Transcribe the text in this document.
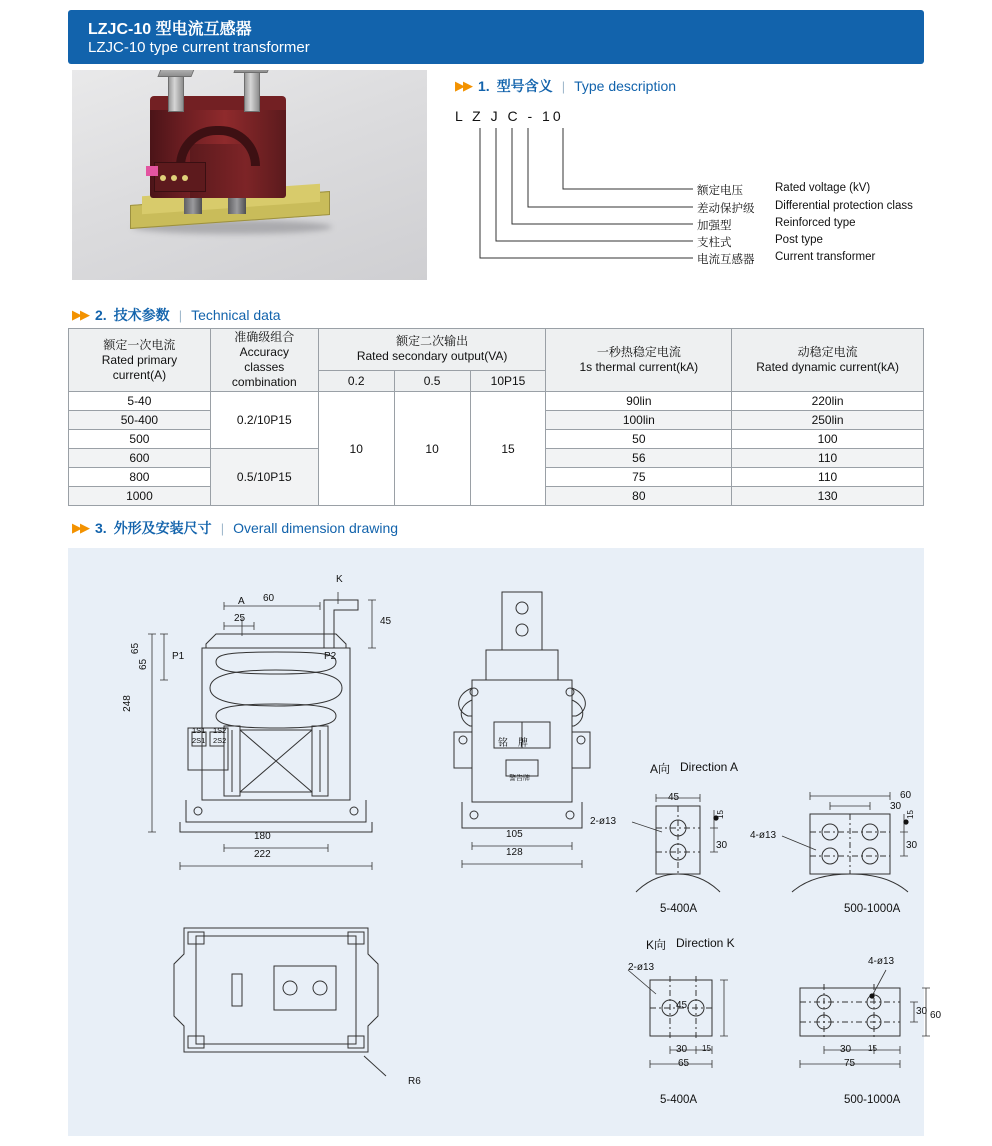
LZJC-10 型电流互感器
LZJC-10 type current transformer
▶▶ 1. 型号含义 | Type description
L Z J C - 10
额定电压	Rated voltage (kV)
差动保护级 Differential protection class
加强型	Reinforced type
支柱式	Post type
电流互感器 Current transformer
▶▶ 2. 技术参数 | Technical data
额定一次电流
Rated primary
current(A)	准确级组合
Accuracy
classes
combination	额定二次输出
Rated secondary output(VA)			一秒热稳定电流
1s thermal current(kA)	动稳定电流
Rated dynamic current(kA)

		0.2	0.5	10P15		
5-40	0.2/10P15	10	10	15	90lin	220lin
50-400					100lin	250lin
500					50	100
600	0.5/10P15				56	110
800					75	110
1000					80	130
▶▶ 3. 外形及安装尺寸 | Overall dimension drawing
65
65
248
60
25
A
K
45
180
222
P1	P2
1S1 1S2
2S1 2S2
105
128
铭　牌
警告牌
R6
A向 Direction A
45
30
15
2-ø13
5-400A
60
30
30
15
4-ø13
500-1000A
K向 Direction K
2-ø13
45
30 15
65
5-400A
4-ø13
30 60
30 15
75
500-1000A
